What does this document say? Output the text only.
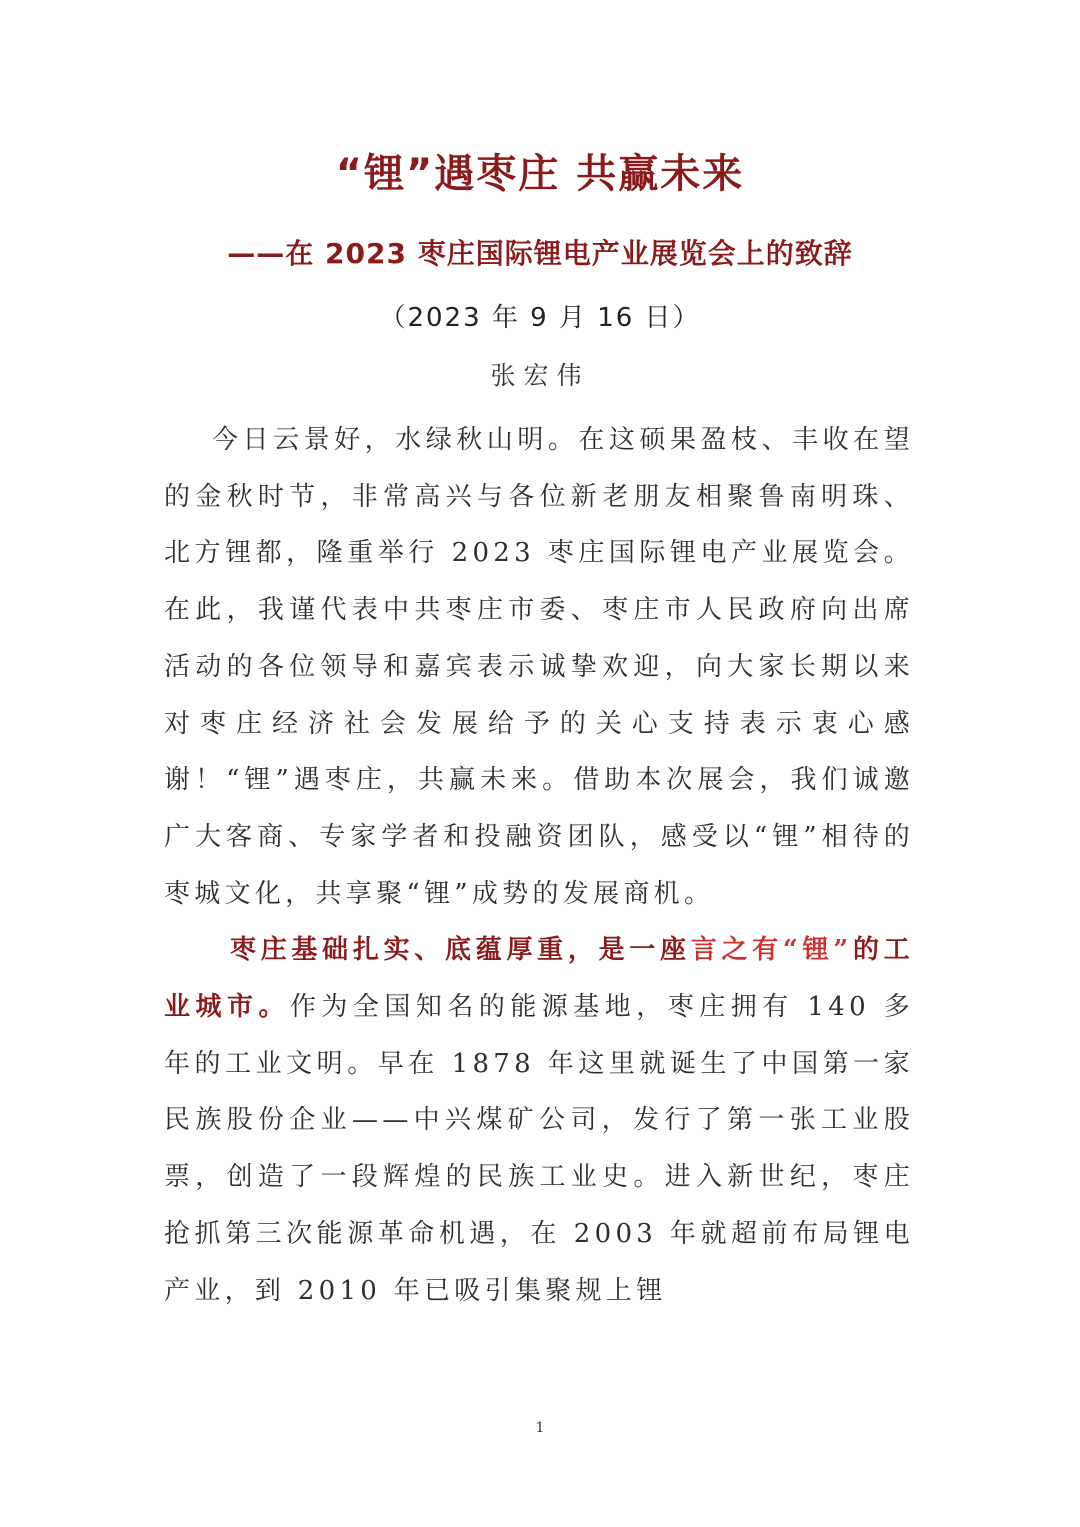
“锂”遇枣庄 共赢未来
——在 2023 枣庄国际锂电产业展览会上的致辞
（2023 年 9 月 16 日）
张宏伟

今日云景好，水绿秋山明。在这硕果盈枝、丰收在望的金秋时节，非常高兴与各位新老朋友相聚鲁南明珠、北方锂都，隆重举行 2023 枣庄国际锂电产业展览会。在此，我谨代表中共枣庄市委、枣庄市人民政府向出席活动的各位领导和嘉宾表示诚挚欢迎，向大家长期以来对枣庄经济社会发展给予的关心支持表示衷心感谢！“锂”遇枣庄，共赢未来。借助本次展会，我们诚邀广大客商、专家学者和投融资团队，感受以“锂”相待的枣城文化，共享聚“锂”成势的发展商机。

枣庄基础扎实、底蕴厚重，是一座言之有“锂”的工业城市。作为全国知名的能源基地，枣庄拥有 140 多年的工业文明。早在 1878 年这里就诞生了中国第一家民族股份企业——中兴煤矿公司，发行了第一张工业股票，创造了一段辉煌的民族工业史。进入新世纪，枣庄抢抓第三次能源革命机遇，在 2003 年就超前布局锂电产业，到 2010 年已吸引集聚规上锂

1
